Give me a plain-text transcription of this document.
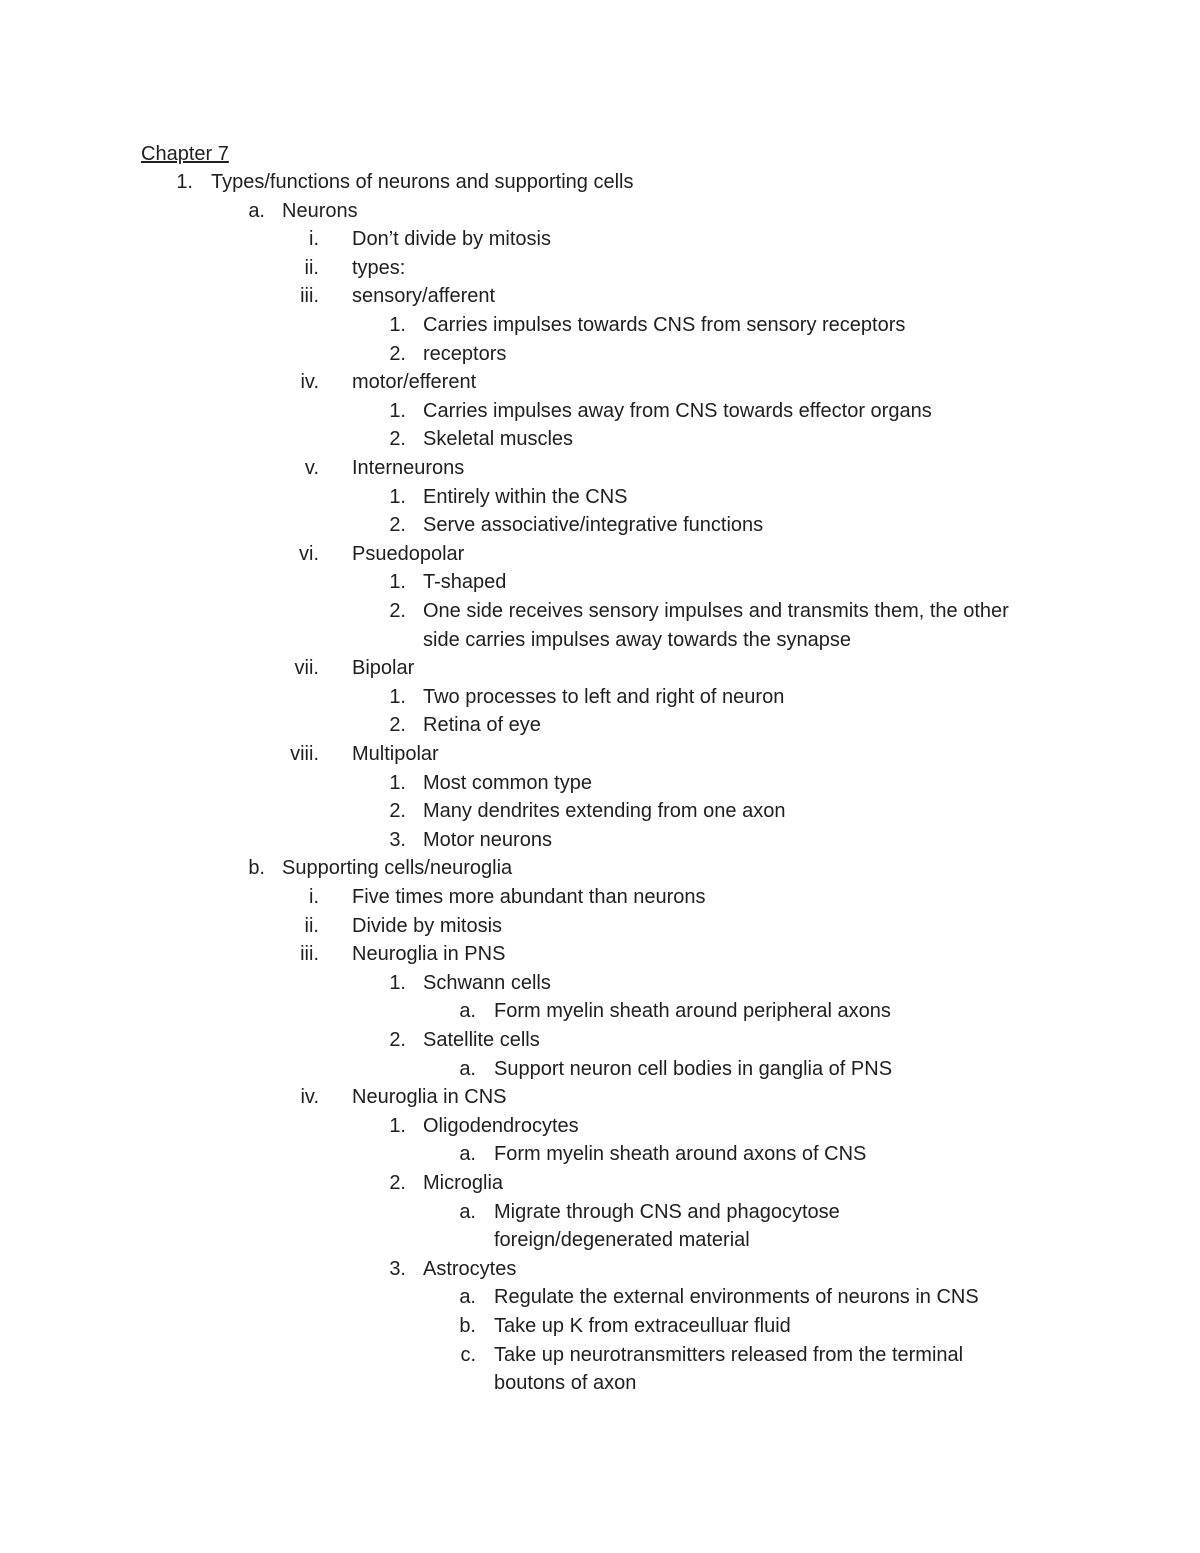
Chapter 7
1. Types/functions of neurons and supporting cells
a. Neurons
i. Don’t divide by mitosis
ii. types:
iii. sensory/afferent
1. Carries impulses towards CNS from sensory receptors
2. receptors
iv. motor/efferent
1. Carries impulses away from CNS towards effector organs
2. Skeletal muscles
v. Interneurons
1. Entirely within the CNS
2. Serve associative/integrative functions
vi. Psuedopolar
1. T-shaped
2. One side receives sensory impulses and transmits them, the other
side carries impulses away towards the synapse
vii. Bipolar
1. Two processes to left and right of neuron
2. Retina of eye
viii. Multipolar
1. Most common type
2. Many dendrites extending from one axon
3. Motor neurons
b. Supporting cells/neuroglia
i. Five times more abundant than neurons
ii. Divide by mitosis
iii. Neuroglia in PNS
1. Schwann cells
a. Form myelin sheath around peripheral axons
2. Satellite cells
a. Support neuron cell bodies in ganglia of PNS
iv. Neuroglia in CNS
1. Oligodendrocytes
a. Form myelin sheath around axons of CNS
2. Microglia
a. Migrate through CNS and phagocytose
foreign/degenerated material
3. Astrocytes
a. Regulate the external environments of neurons in CNS
b. Take up K from extraceulluar fluid
c. Take up neurotransmitters released from the terminal
boutons of axon
